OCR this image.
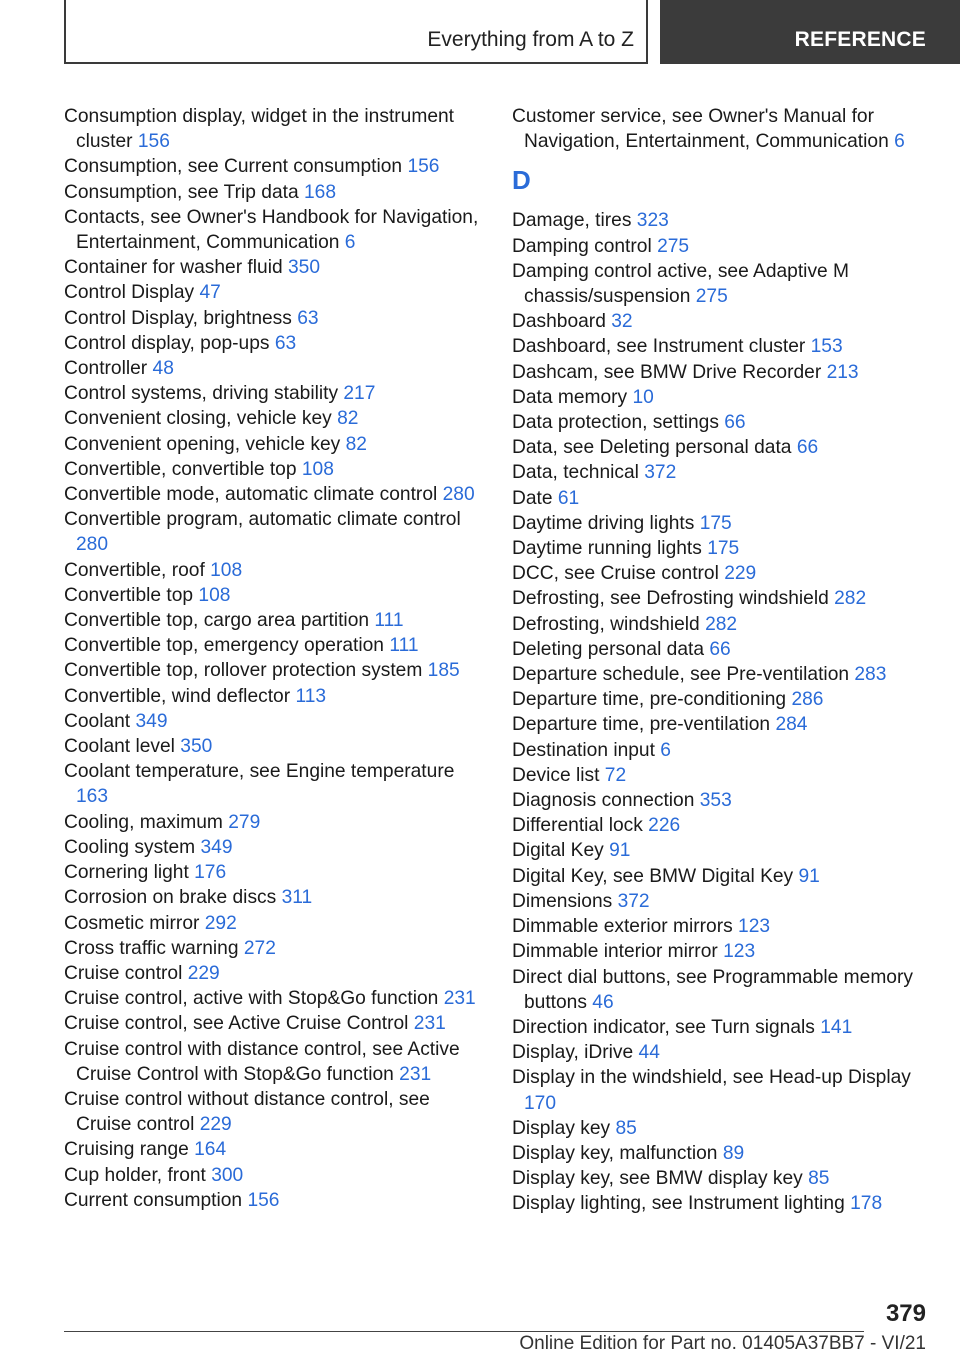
Everything from A to Z	REFERENCE

Consumption display, widget in the instrument cluster 156

Consumption, see Current consumption 156

Consumption, see Trip data 168

Contacts, see Owner's Handbook for Navigation, Entertainment, Communication 6

Container for washer fluid 350

Control Display 47

Control Display, brightness 63

Control display, pop-ups 63

Controller 48

Control systems, driving stability 217

Convenient closing, vehicle key 82

Convenient opening, vehicle key 82

Convertible, convertible top 108

Convertible mode, automatic climate control 280

Convertible program, automatic climate control 280

Convertible, roof 108

Convertible top 108

Convertible top, cargo area partition 111

Convertible top, emergency operation 111

Convertible top, rollover protection system 185

Convertible, wind deflector 113

Coolant 349

Coolant level 350

Coolant temperature, see Engine temperature 163

Cooling, maximum 279

Cooling system 349

Cornering light 176

Corrosion on brake discs 311

Cosmetic mirror 292

Cross traffic warning 272

Cruise control 229

Cruise control, active with Stop&Go function 231

Cruise control, see Active Cruise Control 231

Cruise control with distance control, see Active Cruise Control with Stop&Go function 231

Cruise control without distance control, see Cruise control 229

Cruising range 164

Cup holder, front 300

Current consumption 156

Customer service, see Owner's Manual for Navigation, Entertainment, Communication 6

D

Damage, tires 323

Damping control 275

Damping control active, see Adaptive M chassis/suspension 275

Dashboard 32

Dashboard, see Instrument cluster 153

Dashcam, see BMW Drive Recorder 213

Data memory 10

Data protection, settings 66

Data, see Deleting personal data 66

Data, technical 372

Date 61

Daytime driving lights 175

Daytime running lights 175

DCC, see Cruise control 229

Defrosting, see Defrosting windshield 282

Defrosting, windshield 282

Deleting personal data 66

Departure schedule, see Pre-ventilation 283

Departure time, pre-conditioning 286

Departure time, pre-ventilation 284

Destination input 6

Device list 72

Diagnosis connection 353

Differential lock 226

Digital Key 91

Digital Key, see BMW Digital Key 91

Dimensions 372

Dimmable exterior mirrors 123

Dimmable interior mirror 123

Direct dial buttons, see Programmable memory buttons 46

Direction indicator, see Turn signals 141

Display, iDrive 44

Display in the windshield, see Head-up Display 170

Display key 85

Display key, malfunction 89

Display key, see BMW display key 85

Display lighting, see Instrument lighting 178

379
Online Edition for Part no. 01405A37BB7 - VI/21
